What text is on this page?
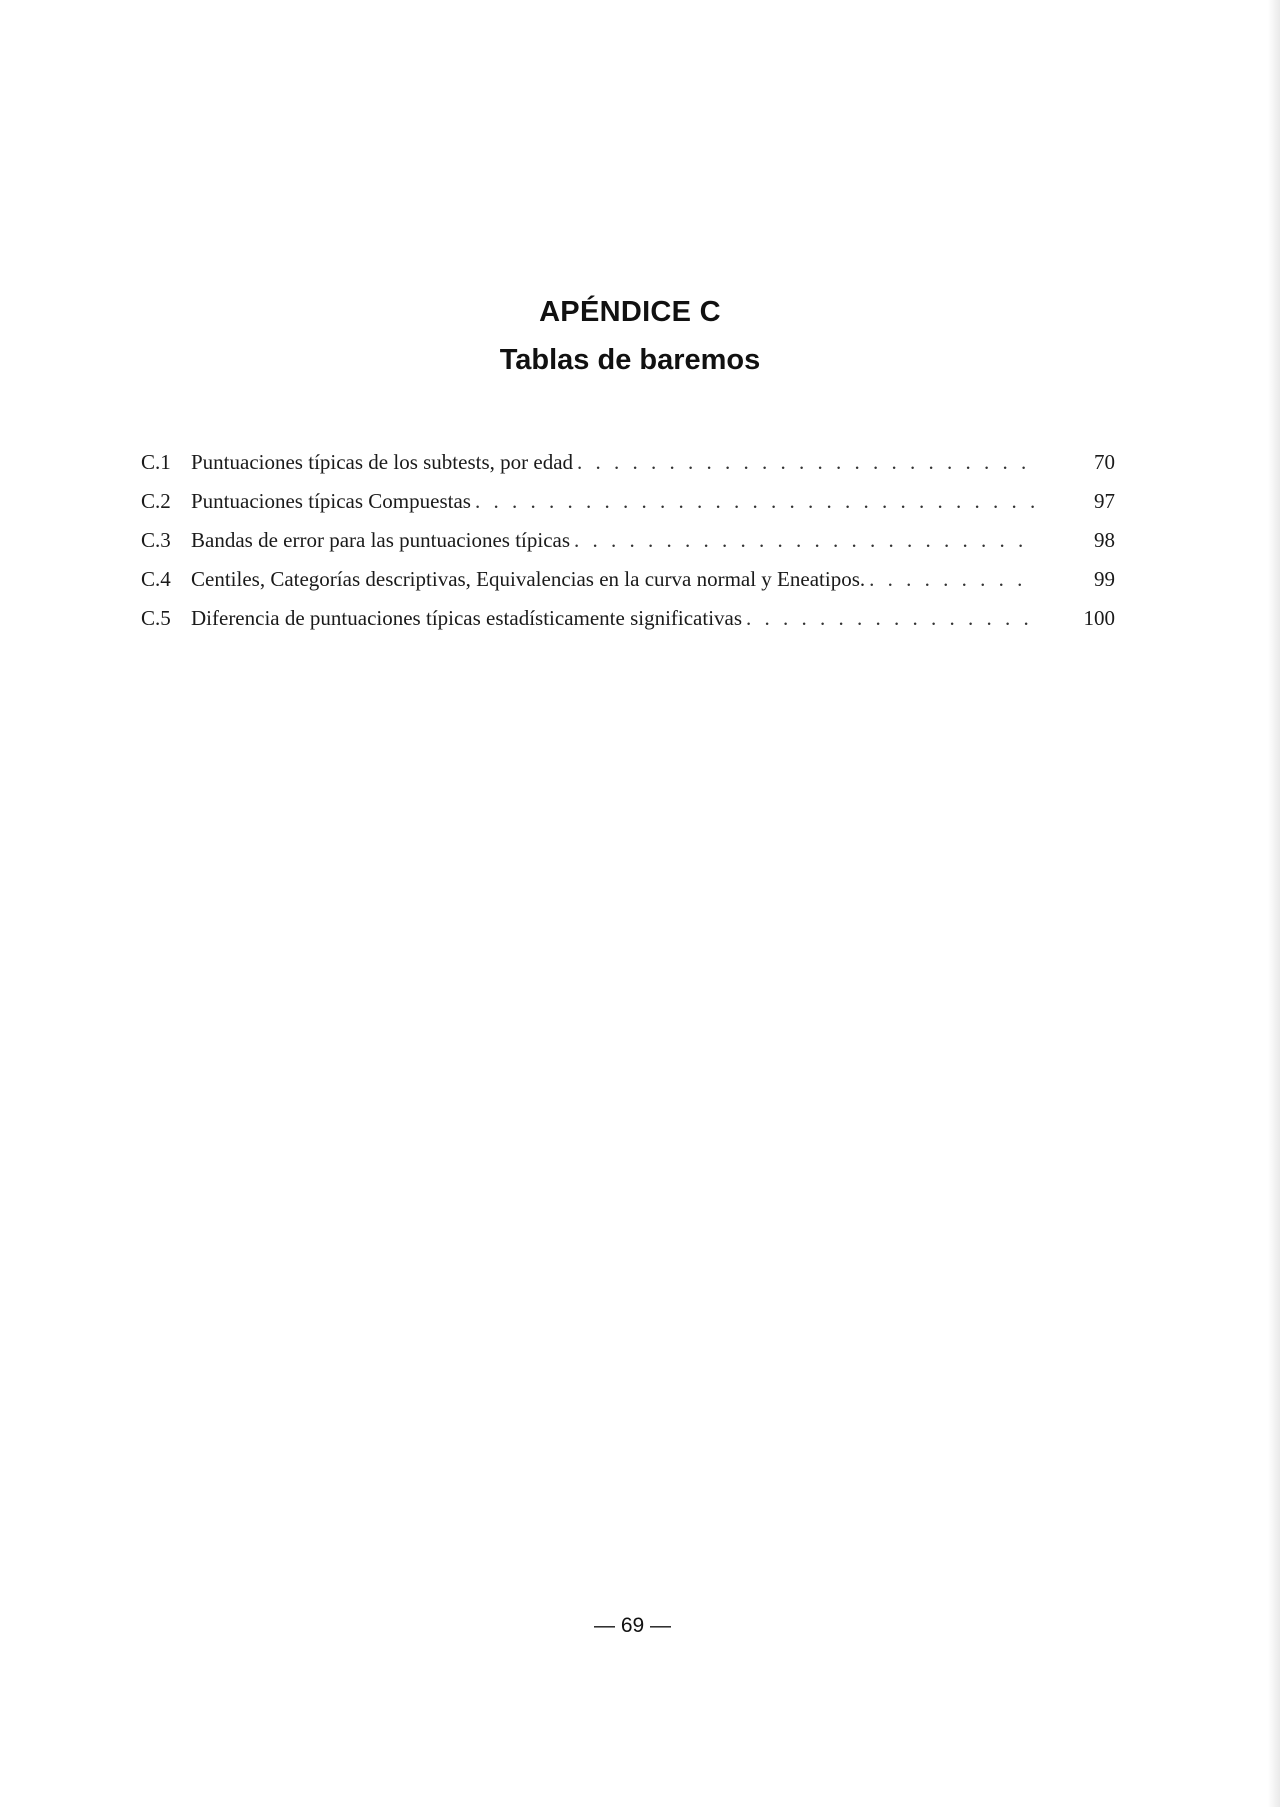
APÉNDICE C
Tablas de baremos
C.1 Puntuaciones típicas de los subtests, por edad . . .	70
C.2 Puntuaciones típicas Compuestas . . .	97
C.3 Bandas de error para las puntuaciones típicas . . .	98
C.4 Centiles, Categorías descriptivas, Equivalencias en la curva normal y Eneatipos. . . .	99
C.5 Diferencia de puntuaciones típicas estadísticamente significativas . . .	100
— 69 —
